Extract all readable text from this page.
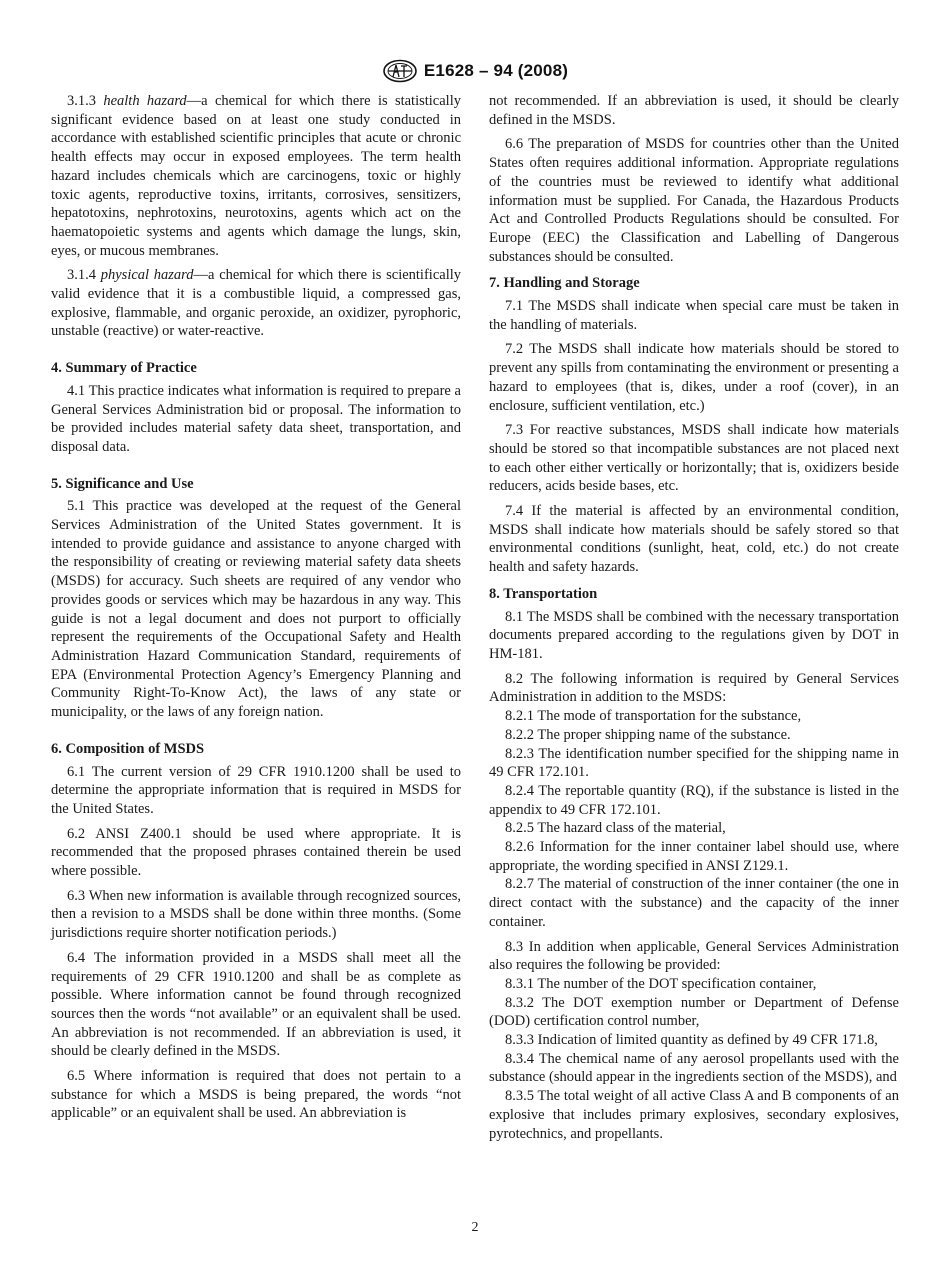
E1628 – 94 (2008)

3.1.3 health hazard—a chemical for which there is statistically significant evidence based on at least one study conducted in accordance with established scientific principles that acute or chronic health effects may occur in exposed employees. The term health hazard includes chemicals which are carcinogens, toxic or highly toxic agents, reproductive toxins, irritants, corrosives, sensitizers, hepatotoxins, nephrotoxins, neurotoxins, agents which act on the haematopoietic systems and agents which damage the lungs, skin, eyes, or mucous membranes.

3.1.4 physical hazard—a chemical for which there is scientifically valid evidence that it is a combustible liquid, a compressed gas, explosive, flammable, and organic peroxide, an oxidizer, pyrophoric, unstable (reactive) or water-reactive.

4. Summary of Practice

4.1 This practice indicates what information is required to prepare a General Services Administration bid or proposal. The information to be provided includes material safety data sheet, transportation, and disposal data.

5. Significance and Use

5.1 This practice was developed at the request of the General Services Administration of the United States government. It is intended to provide guidance and assistance to anyone charged with the responsibility of creating or reviewing material safety data sheets (MSDS) for accuracy. Such sheets are required of any vendor who provides goods or services which may be hazardous in any way. This guide is not a legal document and does not purport to officially represent the requirements of the Occupational Safety and Health Administration Hazard Communication Standard, requirements of EPA (Environmental Protection Agency’s Emergency Planning and Community Right-To-Know Act), the laws of any state or municipality, or the laws of any foreign nation.

6. Composition of MSDS

6.1 The current version of 29 CFR 1910.1200 shall be used to determine the appropriate information that is required in MSDS for the United States.

6.2 ANSI Z400.1 should be used where appropriate. It is recommended that the proposed phrases contained therein be used where possible.

6.3 When new information is available through recognized sources, then a revision to a MSDS shall be done within three months. (Some jurisdictions require shorter notification periods.)

6.4 The information provided in a MSDS shall meet all the requirements of 29 CFR 1910.1200 and shall be as complete as possible. Where information cannot be found through recognized sources then the words “not available” or an equivalent shall be used. An abbreviation is not recommended. If an abbreviation is used, it should be clearly defined in the MSDS.

6.5 Where information is required that does not pertain to a substance for which a MSDS is being prepared, the words “not applicable” or an equivalent shall be used. An abbreviation is

not recommended. If an abbreviation is used, it should be clearly defined in the MSDS.

6.6 The preparation of MSDS for countries other than the United States often requires additional information. Appropriate regulations of the countries must be reviewed to identify what additional information must be supplied. For Canada, the Hazardous Products Act and Controlled Products Regulations should be consulted. For Europe (EEC) the Classification and Labelling of Dangerous substances should be consulted.

7. Handling and Storage

7.1 The MSDS shall indicate when special care must be taken in the handling of materials.

7.2 The MSDS shall indicate how materials should be stored to prevent any spills from contaminating the environment or presenting a hazard to employees (that is, dikes, under a roof (cover), in an enclosure, sufficient ventilation, etc.)

7.3 For reactive substances, MSDS shall indicate how materials should be stored so that incompatible substances are not placed next to each other either vertically or horizontally; that is, oxidizers beside reducers, acids beside bases, etc.

7.4 If the material is affected by an environmental condition, MSDS shall indicate how materials should be safely stored so that environmental conditions (sunlight, heat, cold, etc.) do not create health and safety hazards.

8. Transportation

8.1 The MSDS shall be combined with the necessary transportation documents prepared according to the regulations given by DOT in HM-181.

8.2 The following information is required by General Services Administration in addition to the MSDS:

8.2.1 The mode of transportation for the substance,

8.2.2 The proper shipping name of the substance.

8.2.3 The identification number specified for the shipping name in 49 CFR 172.101.

8.2.4 The reportable quantity (RQ), if the substance is listed in the appendix to 49 CFR 172.101.

8.2.5 The hazard class of the material,

8.2.6 Information for the inner container label should use, where appropriate, the wording specified in ANSI Z129.1.

8.2.7 The material of construction of the inner container (the one in direct contact with the substance) and the capacity of the inner container.

8.3 In addition when applicable, General Services Administration also requires the following be provided:

8.3.1 The number of the DOT specification container,

8.3.2 The DOT exemption number or Department of Defense (DOD) certification control number,

8.3.3 Indication of limited quantity as defined by 49 CFR 171.8,

8.3.4 The chemical name of any aerosol propellants used with the substance (should appear in the ingredients section of the MSDS), and

8.3.5 The total weight of all active Class A and B components of an explosive that includes primary explosives, secondary explosives, pyrotechnics, and propellants.

2
